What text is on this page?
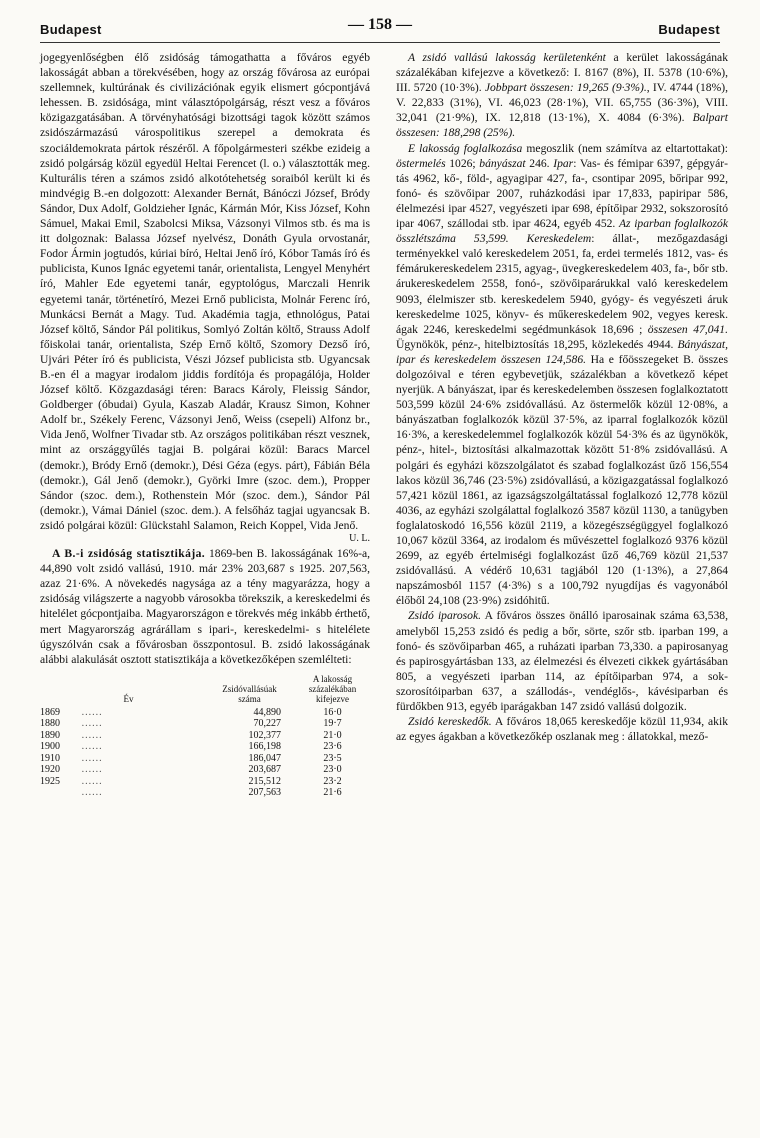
Budapest	— 158 —	Budapest

jogegyenlőségben élő zsidóság támogathatta a főváros egyéb lakosságát abban a törekvésében, hogy az ország fővárosa az európai szellemnek, kultúrának és civilizációnak egyik elismert gócpontjává lehessen. B. zsidósága, mint választópolgárság, részt vesz a főváros közigazgatásában. A törvényhatósági bizottsági tagok között számos zsidószármazású várospolitikus szerepel a demokrata és szociáldemokrata pártok részéről. A főpolgármesteri székbe ezideig a zsidó polgárság közül egyedül Heltai Ferencet (l. o.) választották meg. Kulturális téren a számos zsidó alkotótehetség soraiból került ki és mindvégig B.-en dolgozott: Alexander Bernát, Bánóczi József, Bródy Sándor, Dux Adolf, Goldzieher Ignác, Kármán Mór, Kiss József, Kohn Sámuel, Makai Emil, Szabolcsi Miksa, Vázsonyi Vilmos stb. és ma is itt dolgoznak: Balassa József nyelvész, Donáth Gyula orvostanár, Fodor Ármin jogtudós, kúriai bíró, Heltai Jenő író, Kóbor Tamás író és publicista, Kunos Ignác egyetemi tanár, orientalista, Lengyel Menyhért író, Mahler Ede egyetemi tanár, egyptológus, Marczali Henrik egyetemi tanár, történetíró, Mezei Ernő publicista, Molnár Ferenc író, Munkácsi Bernát a Magy. Tud. Akadémia tagja, ethnológus, Patai József költő, Sándor Pál politikus, Somlyó Zoltán költő, Strauss Adolf főiskolai tanár, orientalista, Szép Ernő költő, Szomory Dezső író, Ujvári Péter író és publicista, Vészi József publicista stb. Ugyancsak B.-en él a magyar irodalom jiddis fordítója és propagálója, Holder József költő. Közgazdasági téren: Baracs Károly, Fleissig Sándor, Goldberger (óbudai) Gyula, Kaszab Aladár, Krausz Simon, Kohner Adolf br., Székely Ferenc, Vázsonyi Jenő, Weiss (csepeli) Alfonz br., Vida Jenő, Wolfner Tivadar stb. Az országos politikában részt vesznek, mint az országgyűlés tagjai B. polgárai közül: Baracs Marcel (demokr.), Bródy Ernő (demokr.), Dési Géza (egys. párt), Fábián Béla (demokr.), Gál Jenő (demokr.), Györki Imre (szoc. dem.), Propper Sándor (szoc. dem.), Rothenstein Mór (szoc. dem.), Sándor Pál (demokr.), Vámai Dániel (szoc. dem.). A felsőház tagjai ugyancsak B. zsidó polgárai közül: Glückstahl Salamon, Reich Koppel, Vida Jenő.

U. L.

A B.-i zsidóság statisztikája. 1869-ben B. lakosságának 16%-a, 44,890 volt zsidó vallású, 1910. már 23% 203,687 s 1925. 207,563, azaz 21·6%. A növekedés nagysága az a tény magyarázza, hogy a zsidóság világszerte a nagyobb városokba törekszik, a kereskedelmi és hitelélet gócpontjaiba. Magyarországon e törekvés még inkább érthető, mert Magyarország agrárállam s ipari-, kereskedelmi- s hitelélete úgyszólván csak a fővárosban összpontosul. B. zsidó lakosságának alábbi alakulását osztott statisztikája a következőképen szemlélteti:

Év		Zsidóvallásúak száma	A lakosság százalékában kifejezve
1869	......	44,890	16·0
1880	......	70,227	19·7
1890	......	102,377	21·0
1900	......	166,198	23·6
1910	......	186,047	23·5
1920	......	203,687	23·0
1925	......	215,512	23·2
	......	207,563	21·6

A zsidó vallású lakosság kerületenként a kerület lakosságának százalékában kifejezve a következő: I. 8167 (8%), II. 5378 (10·6%), III. 5720 (10·3%). Jobbpart összesen: 19,265 (9·3%)., IV. 4744 (18%), V. 22,833 (31%), VI. 46,023 (28·1%), VII. 65,755 (36·3%), VIII. 32,041 (21·9%), IX. 12,818 (13·1%), X. 4084 (6·3%). Balpart összesen: 188,298 (25%).

E lakosság foglalkozása megoszlik (nem számítva az eltartottakat): östermelés 1026; bányászat 246. Ipar: Vas- és fémipar 6397, gépgyártás 4962, kő-, föld-, agyagipar 427, fa-, csontipar 2095, bőripar 992, fonó- és szövőipar 2007, ruházkodási ipar 17,833, papiripar 586, élelmezési ipar 4527, vegyészeti ipar 698, építőipar 2932, sokszorosító ipar 4067, szállodai stb. ipar 4624, egyéb 452. Az iparban foglalkozók összlétszáma 53,599. Kereskedelem: állat-, mezőgazdasági terményekkel való kereskedelem 2051, fa, erdei termelés 1812, vas- és fémárukereskedelem 2315, agyag-, üvegkereskedelem 403, fa-, bőr stb. árukereskedelem 2558, fonó-, szövőiparárukkal való kereskedelem 9093, élelmiszer stb. kereskedelem 5940, gyógy- és vegyészeti áruk kereskedelme 1025, könyv- és műkereskedelem 902, vegyes keresk. ágak 2246, kereskedelmi segédmunkások 18,696 ; összesen 47,041. Ügynökök, pénz-, hitelbiztosítás 18,295, közlekedés 4944. Bányászat, ipar és kereskedelem összesen 124,586. Ha e főösszegeket B. összes dolgozóival e téren egybevetjük, százalékban a következő képet nyerjük. A bányászat, ipar és kereskedelemben összesen foglalkoztatott 503,599 közül 24·6% zsidóvallású. Az östermelők közül 12·08%, a bányászatban foglalkozók közül 37·5%, az iparral foglalkozók közül 16·3%, a kereskedelemmel foglalkozók közül 54·3% és az ügynökök, pénz-, hitel-, biztosítási alkalmazottak között 51·8% zsidóvallású. A polgári és egyházi közszolgálatot és szabad foglalkozást űző 156,554 lakos közül 36,746 (23·5%) zsidóvallású, a közigazgatással foglalkozó 57,421 közül 1861, az igazságszolgáltatással foglalkozó 12,778 közül 4036, az egyházi szolgálattal foglalkozó 3587 közül 1130, a tanügyben foglalatoskodó 16,556 közül 2119, a közegészségüggyel foglalkozó 10,067 közül 3364, az irodalom és művészettel foglalkozó 9376 közül 2699, az egyéb értelmiségi foglalkozást űző 46,769 közül 21,537 zsidóvallású. A védérő 10,631 tagjából 120 (1·13%), a 27,864 napszámosból 1157 (4·3%) s a 100,792 nyugdíjas és vagyonából élőből 24,108 (23·9%) zsidóhitű.

Zsidó iparosok. A főváros összes önálló iparosainak száma 63,538, amelyből 15,253 zsidó és pedig a bőr, sörte, szőr stb. iparban 199, a fonó- és szövőiparban 465, a ruházati iparban 73,330. a papirosanyag és papirosgyártásban 133, az élelmezési és élvezeti cikkek gyártásában 805, a vegyészeti iparban 114, az építőiparban 974, a sokszorosítóiparban 637, a szállodás-, vendéglős-, kávésiparban és fürdőkben 913, egyéb iparágakban 147 zsidó vallású dolgozik.

Zsidó kereskedők. A főváros 18,065 kereskedője közül 11,934, akik az egyes ágakban a következőkép oszlanak meg : állatokkal, mező-
